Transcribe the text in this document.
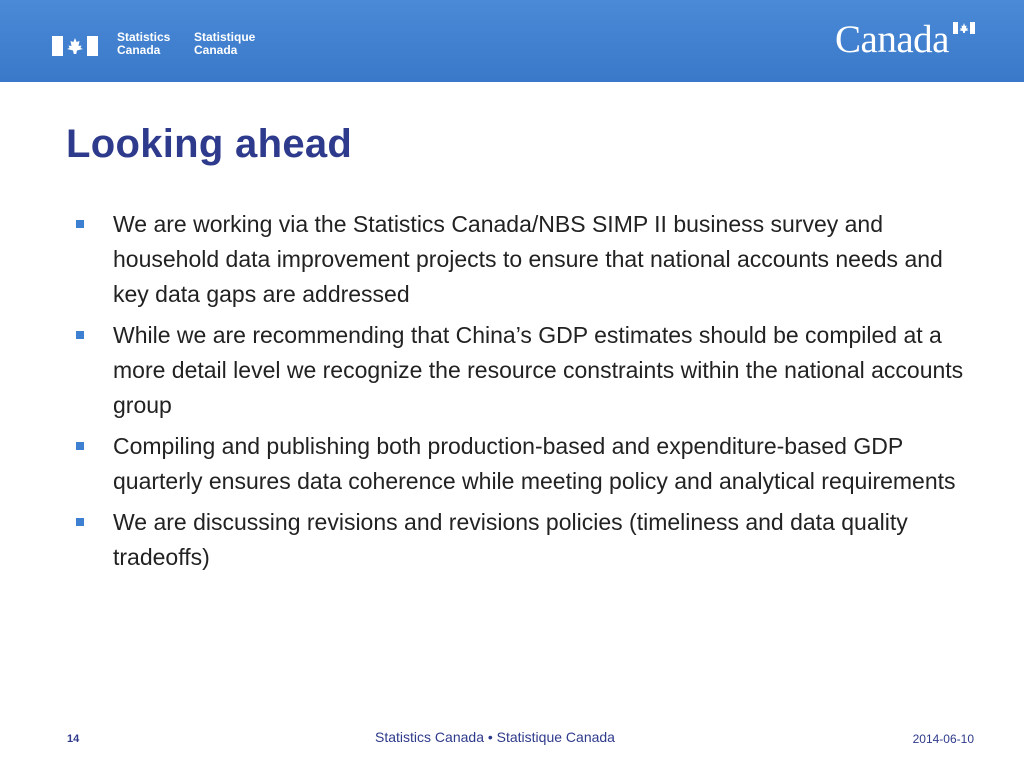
Statistics
Canada
Statistique
Canada	Canada
Looking ahead
We are working via the Statistics Canada/NBS SIMP II business survey and household data improvement projects to ensure that national accounts needs and key data gaps are addressed
While we are recommending that China’s GDP estimates should be compiled at a more detail level we recognize the resource constraints within the national accounts group
Compiling and publishing both production-based and expenditure-based GDP quarterly ensures data coherence while meeting policy and analytical requirements
We are discussing revisions and revisions policies (timeliness and data quality tradeoffs)
14	Statistics Canada • Statistique Canada	2014-06-10
